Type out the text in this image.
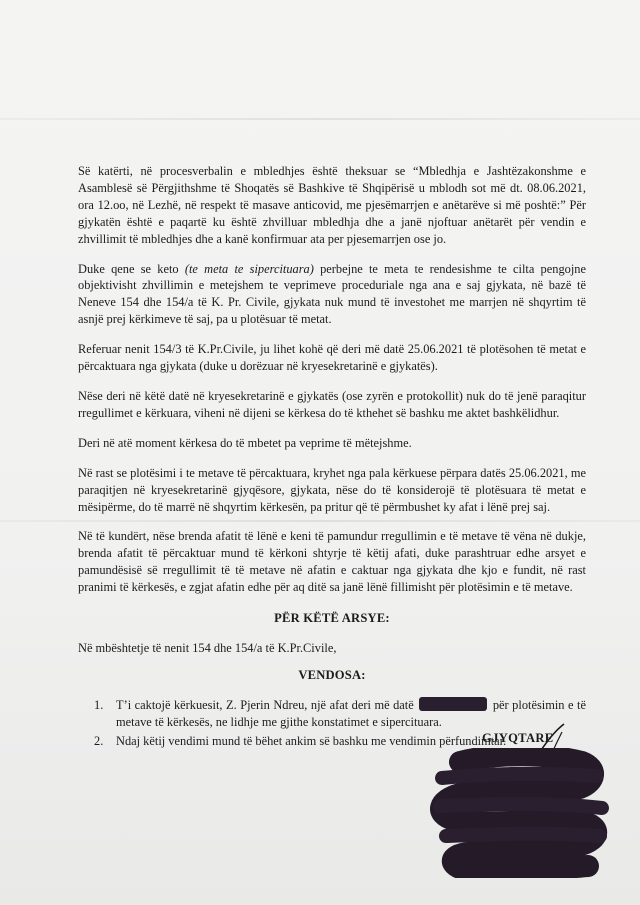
Së katërti, në procesverbalin e mbledhjes është theksuar se “Mbledhja e Jashtëzakonshme e Asamblesë së Përgjithshme të Shoqatës së Bashkive të Shqipërisë u mblodh sot më dt. 08.06.2021, ora 12.oo, në Lezhë, në respekt të masave anticovid, me pjesëmarrjen e anëtarëve si më poshtë:” Për gjykatën është e paqartë ku është zhvilluar mbledhja dhe a janë njoftuar anëtarët për vendin e zhvillimit të mbledhjes dhe a kanë konfirmuar ata per pjesemarrjen ose jo.

Duke qene se keto (te meta te sipercituara) perbejne te meta te rendesishme te cilta pengojne objektivisht zhvillimin e metejshem te veprimeve proceduriale nga ana e saj gjykata, në bazë të Neneve 154 dhe 154/a të K. Pr. Civile, gjykata nuk mund të investohet me marrjen në shqyrtim të asnjë prej kërkimeve të saj, pa u plotësuar të metat.

Referuar nenit 154/3 të K.Pr.Civile, ju lihet kohë që deri më datë 25.06.2021 të plotësohen të metat e përcaktuara nga gjykata (duke u dorëzuar në kryesekretarinë e gjykatës).

Nëse deri në këtë datë në kryesekretarinë e gjykatës (ose zyrën e protokollit) nuk do të jenë paraqitur rregullimet e kërkuara, viheni në dijeni se kërkesa do të kthehet së bashku me aktet bashkëlidhur.

Deri në atë moment kërkesa do të mbetet pa veprime të mëtejshme.

Në rast se plotësimi i te metave të përcaktuara, kryhet nga pala kërkuese përpara datës 25.06.2021, me paraqitjen në kryesekretarinë gjyqësore, gjykata, nëse do të konsiderojë të plotësuara të metat e mësipërme, do të marrë në shqyrtim kërkesën, pa pritur që të përmbushet ky afat i lënë prej saj.

Në të kundërt, nëse brenda afatit të lënë e keni të pamundur rregullimin e të metave të vëna në dukje, brenda afatit të përcaktuar mund të kërkoni shtyrje të këtij afati, duke parashtruar edhe arsyet e pamundësisë së rregullimit të të metave në afatin e caktuar nga gjykata dhe kjo e fundit, në rast pranimi të kërkesës, e zgjat afatin edhe për aq ditë sa janë lënë fillimisht për plotësimin e të metave.

PËR KËTË ARSYE:

Në mbështetje të nenit 154 dhe 154/a të K.Pr.Civile,

VENDOSA:
1. T’i caktojë kërkuesit, Z. Pjerin Ndreu, një afat deri më datë	për plotësimin e të metave të kërkesës, ne lidhje me gjithe konstatimet e sipercituara.
2. Ndaj këtij vendimi mund të bëhet ankim së bashku me vendimin përfundimtar.
GJYQTARE
